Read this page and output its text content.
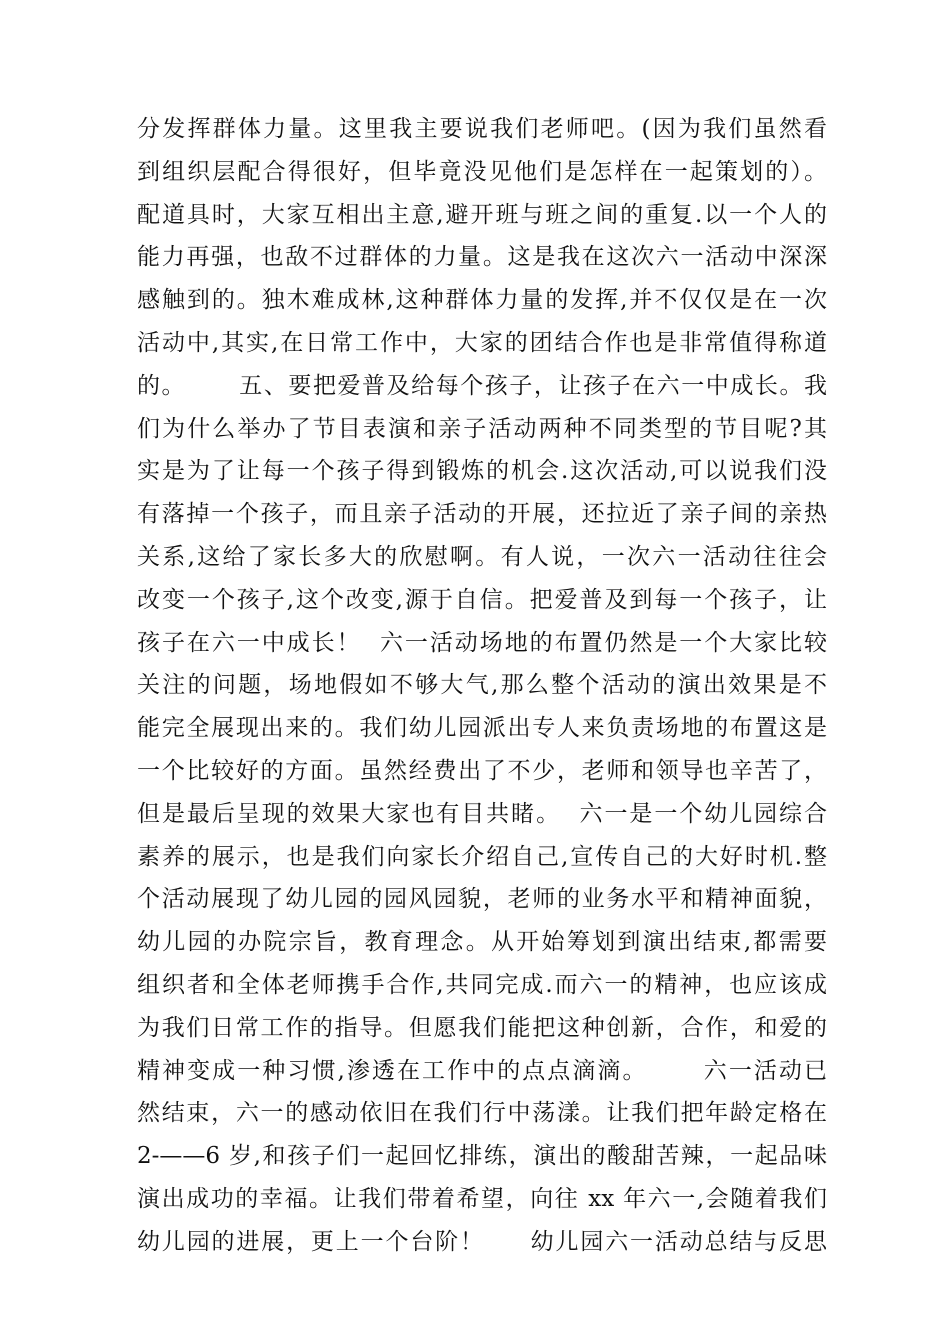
分发挥群体力量。这里我主要说我们老师吧。(因为我们虽然看
到组织层配合得很好，但毕竟没见他们是怎样在一起策划的）。
配道具时，大家互相出主意,避开班与班之间的重复.以一个人的
能力再强，也敌不过群体的力量。这是我在这次六一活动中深深
感触到的。独木难成林,这种群体力量的发挥,并不仅仅是在一次
活动中,其实,在日常工作中，大家的团结合作也是非常值得称道
的。      五、要把爱普及给每个孩子，让孩子在六一中成长。我
们为什么举办了节目表演和亲子活动两种不同类型的节目呢?其
实是为了让每一个孩子得到锻炼的机会.这次活动,可以说我们没
有落掉一个孩子，而且亲子活动的开展，还拉近了亲子间的亲热
关系,这给了家长多大的欣慰啊。有人说，一次六一活动往往会
改变一个孩子,这个改变,源于自信。把爱普及到每一个孩子，让
孩子在六一中成长！  六一活动场地的布置仍然是一个大家比较
关注的问题，场地假如不够大气,那么整个活动的演出效果是不
能完全展现出来的。我们幼儿园派出专人来负责场地的布置这是
一个比较好的方面。虽然经费出了不少，老师和领导也辛苦了，
但是最后呈现的效果大家也有目共睹。  六一是一个幼儿园综合
素养的展示，也是我们向家长介绍自己,宣传自己的大好时机.整
个活动展现了幼儿园的园风园貌，老师的业务水平和精神面貌，
幼儿园的办院宗旨，教育理念。从开始筹划到演出结束,都需要
组织者和全体老师携手合作,共同完成.而六一的精神，也应该成
为我们日常工作的指导。但愿我们能把这种创新，合作，和爱的
精神变成一种习惯,渗透在工作中的点点滴滴。      六一活动已
然结束，六一的感动依旧在我们行中荡漾。让我们把年龄定格在
2-——6 岁,和孩子们一起回忆排练，演出的酸甜苦辣，一起品味
演出成功的幸福。让我们带着希望，向往 xx 年六一,会随着我们
幼儿园的进展，更上一个台阶！     幼儿园六一活动总结与反思
